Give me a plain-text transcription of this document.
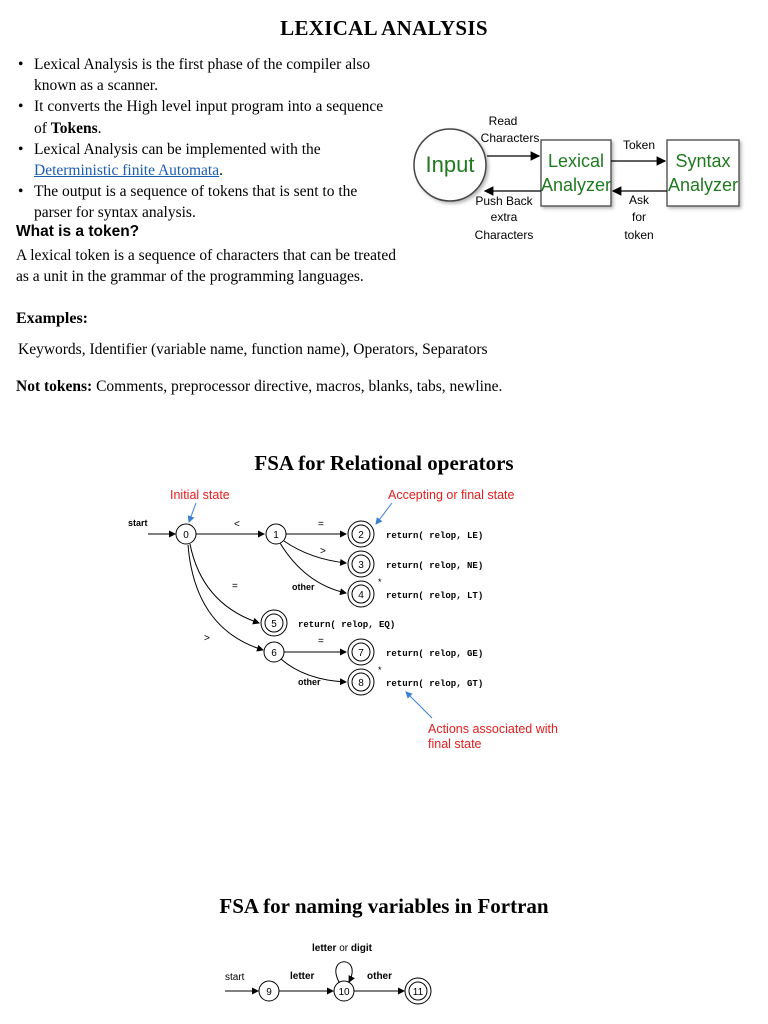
LEXICAL ANALYSIS
• Lexical Analysis is the first phase of the compiler also known as a scanner.
• It converts the High level input program into a sequence of Tokens.
• Lexical Analysis can be implemented with the Deterministic finite Automata.
• The output is a sequence of tokens that is sent to the parser for syntax analysis.
What is a token?
A lexical token is a sequence of characters that can be treated as a unit in the grammar of the programming languages.
Examples:
Keywords, Identifier (variable name, function name), Operators, Separators
Not tokens: Comments, preprocessor directive, macros, blanks, tabs, newline.
Input	Lexical
Analyzer
Syntax
Analyzer
Read
Characters
Push Back
extra
Characters
Token
Ask
for
token
FSA for Relational operators
Initial state	Accepting or final state
start
0	1	2
3
4
5
6	7
8
<	=
>
other	*
=
>	=
other
*
return( relop, LE)
return( relop, NE)
return( relop, LT)
return( relop, EQ)
return( relop, GE)
return( relop, GT)
Actions associated with
final state
FSA for naming variables in Fortran
letter or digit
start
9
letter
10
other
11
